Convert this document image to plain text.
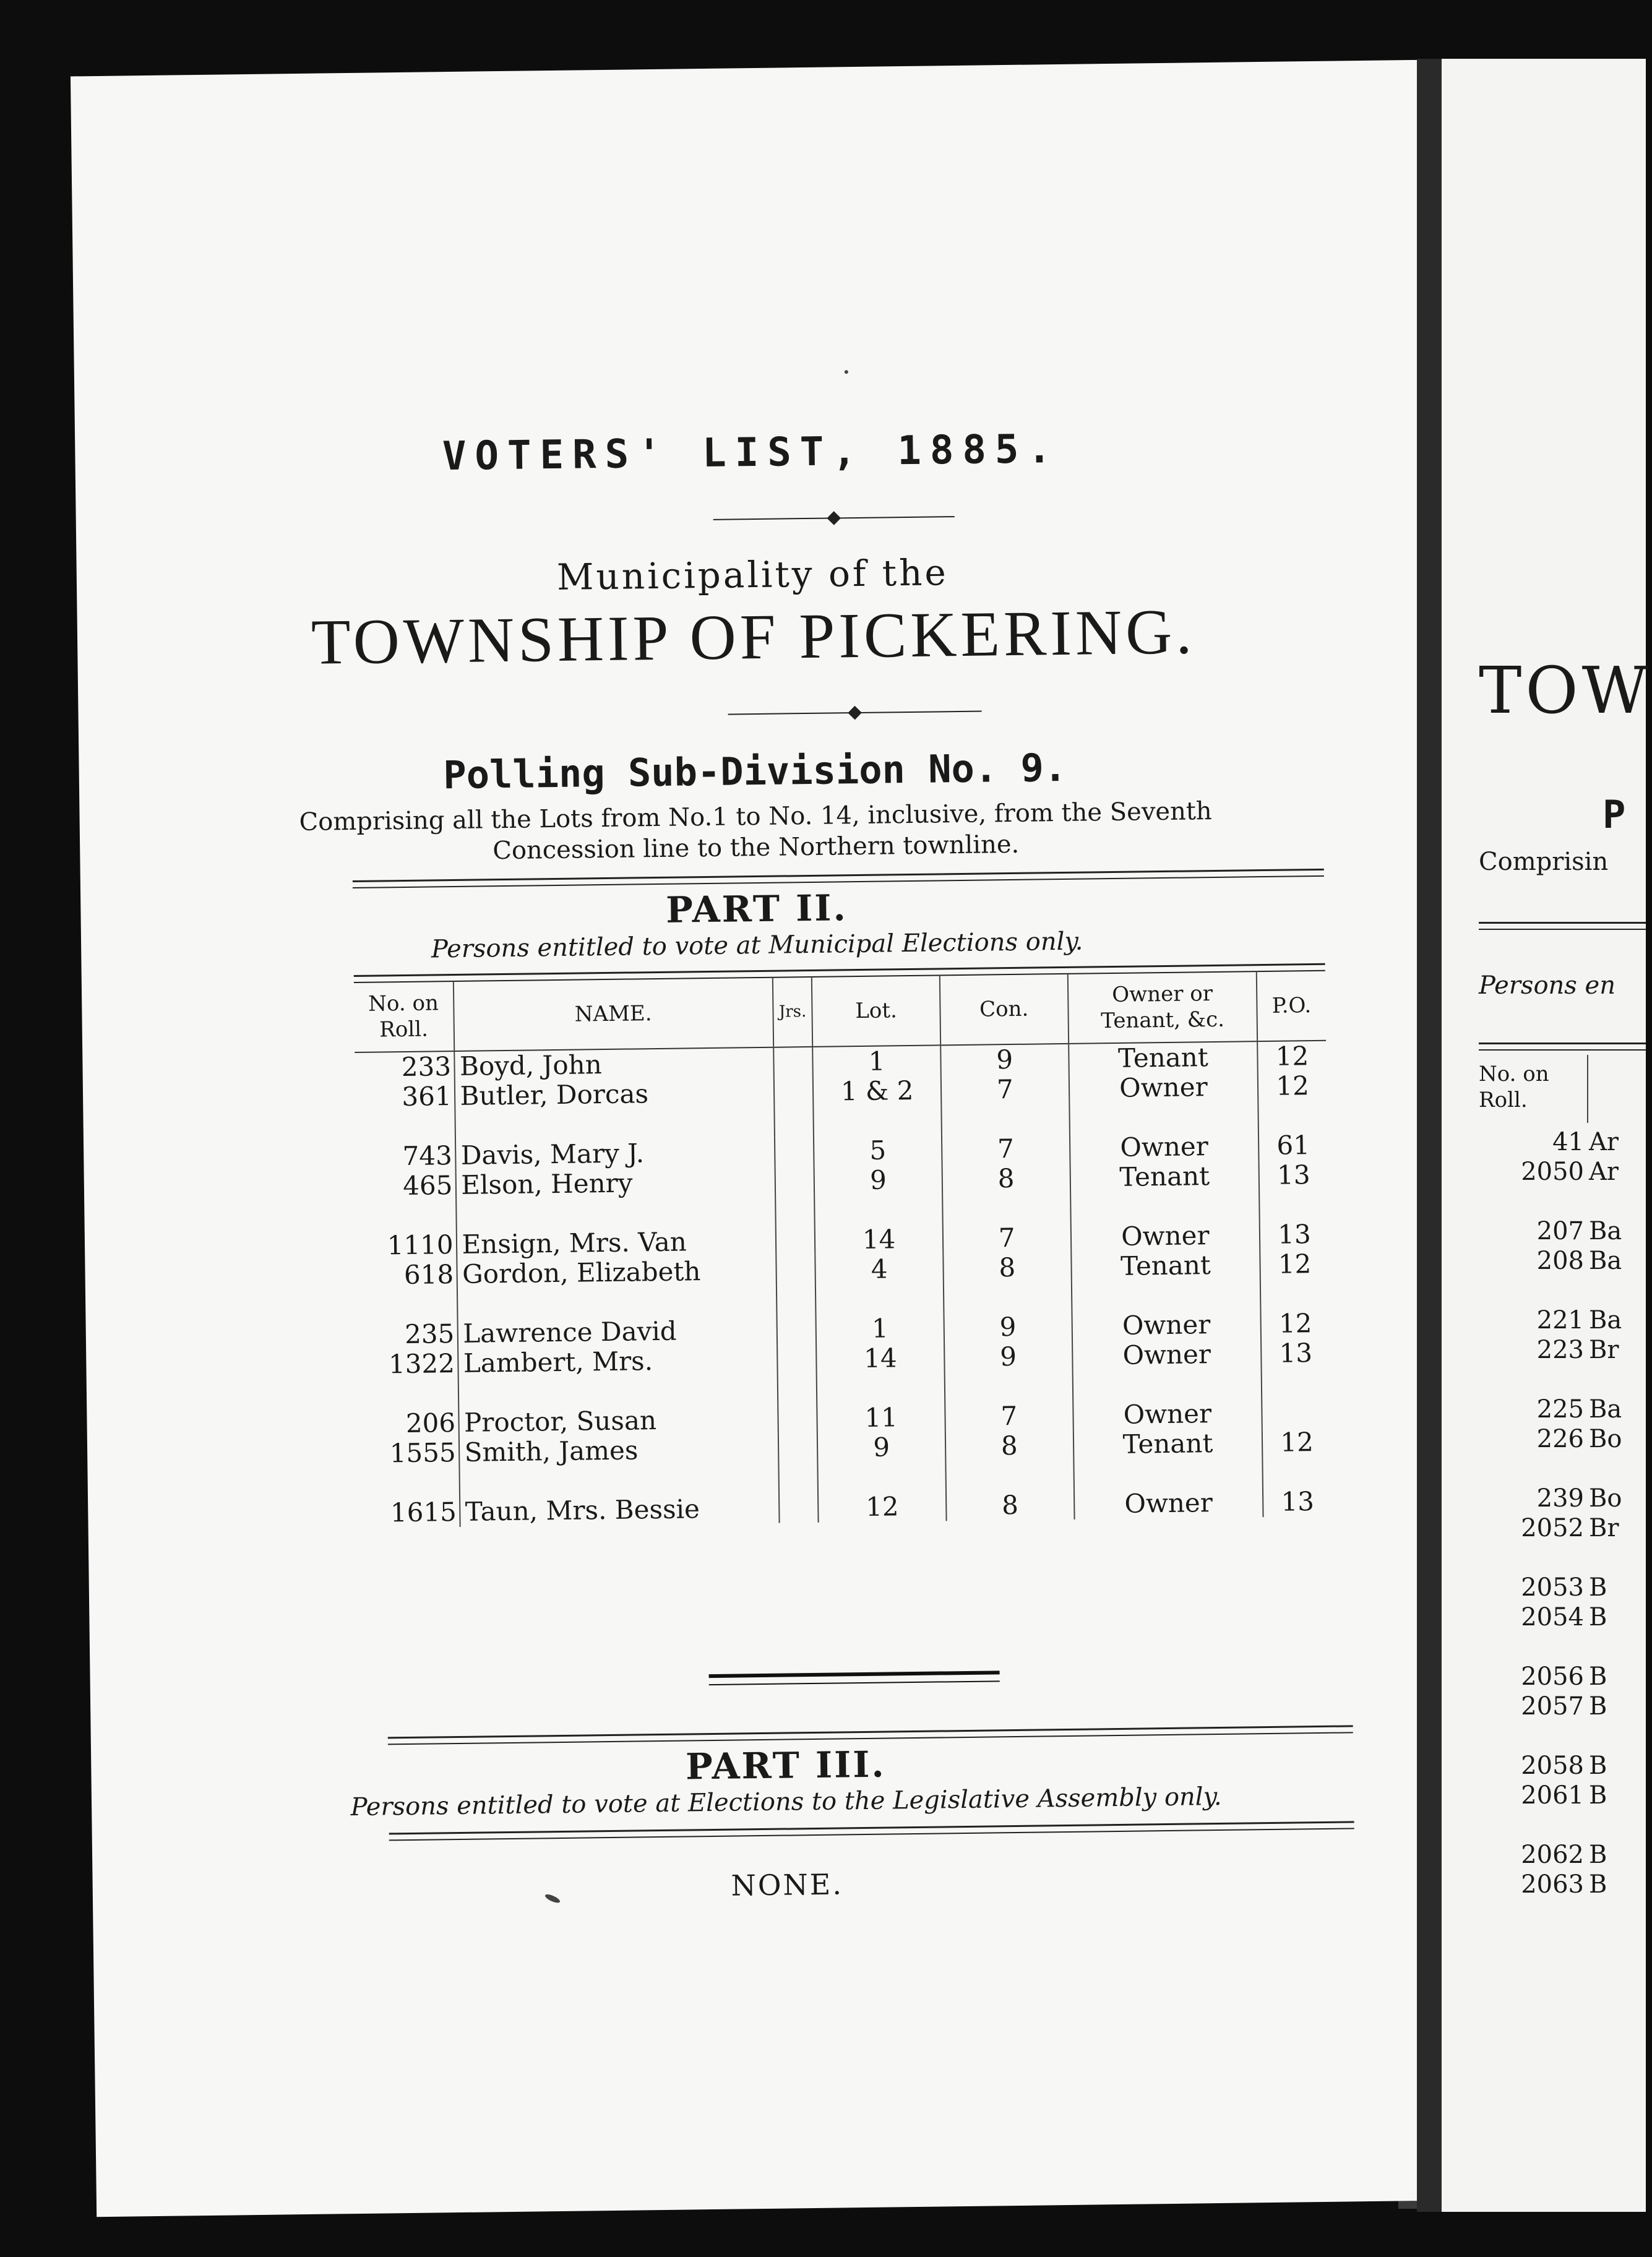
VOTERS' LIST, 1885.
Municipality of the
TOWNSHIP OF PICKERING.
Polling Sub-Division No. 9.
Comprising all the Lots from No.1 to No. 14, inclusive, from the Seventh
Concession line to the Northern townline.
PART II.
Persons entitled to vote at Municipal Elections only.
No. on
Roll.	NAME.	Jrs.	Lot.	Con.	Owner or
Tenant, &c.	P.O.
233	Boyd, John		1	9	Tenant	12
361	Butler, Dorcas		1 & 2	7	Owner	12

743	Davis, Mary J.		5	7	Owner	61
465	Elson, Henry		9	8	Tenant	13

1110	Ensign, Mrs. Van		14	7	Owner	13
618	Gordon, Elizabeth		4	8	Tenant	12

235	Lawrence David		1	9	Owner	12
1322	Lambert, Mrs.		14	9	Owner	13

206	Proctor, Susan		11	7	Owner	
1555	Smith, James		9	8	Tenant	12

1615	Taun, Mrs. Bessie		12	8	Owner	13
PART III.
Persons entitled to vote at Elections to the Legislative Assembly only.
NONE.
TOW
P
Comprisin
Persons en
No. on
Roll.
41 Ar
2050 Ar
207 Ba
208 Ba
221 Ba
223 Br
225 Ba
226 Bo
239 Bo
2052 Br
2053 B
2054 B
2056 B
2057 B
2058 B
2061 B
2062 B
2063 B
